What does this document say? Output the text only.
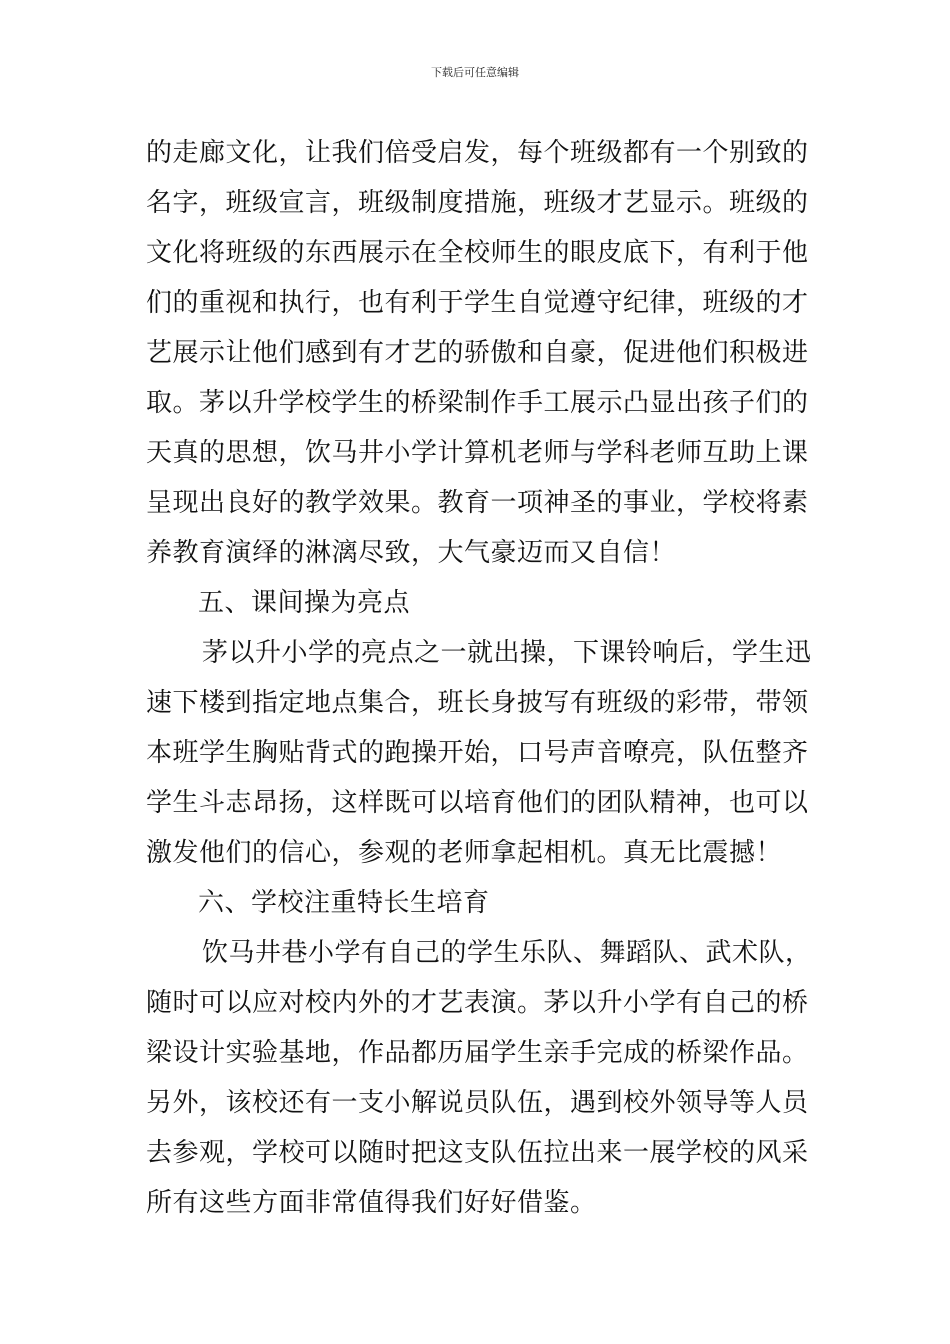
下载后可任意编辑
的走廊文化，让我们倍受启发，每个班级都有一个别致的
名字，班级宣言，班级制度措施，班级才艺显示。班级的
文化将班级的东西展示在全校师生的眼皮底下，有利于他
们的重视和执行，也有利于学生自觉遵守纪律，班级的才
艺展示让他们感到有才艺的骄傲和自豪，促进他们积极进
取。茅以升学校学生的桥梁制作手工展示凸显出孩子们的
天真的思想，饮马井小学计算机老师与学科老师互助上课
呈现出良好的教学效果。教育一项神圣的事业，学校将素
养教育演绎的淋漓尽致，大气豪迈而又自信！
五、课间操为亮点
茅以升小学的亮点之一就出操，下课铃响后，学生迅
速下楼到指定地点集合，班长身披写有班级的彩带，带领
本班学生胸贴背式的跑操开始，口号声音嘹亮，队伍整齐
学生斗志昂扬，这样既可以培育他们的团队精神，也可以
激发他们的信心，参观的老师拿起相机。真无比震撼！
六、学校注重特长生培育
饮马井巷小学有自己的学生乐队、舞蹈队、武术队，
随时可以应对校内外的才艺表演。茅以升小学有自己的桥
梁设计实验基地，作品都历届学生亲手完成的桥梁作品。
另外，该校还有一支小解说员队伍，遇到校外领导等人员
去参观，学校可以随时把这支队伍拉出来一展学校的风采
所有这些方面非常值得我们好好借鉴。
